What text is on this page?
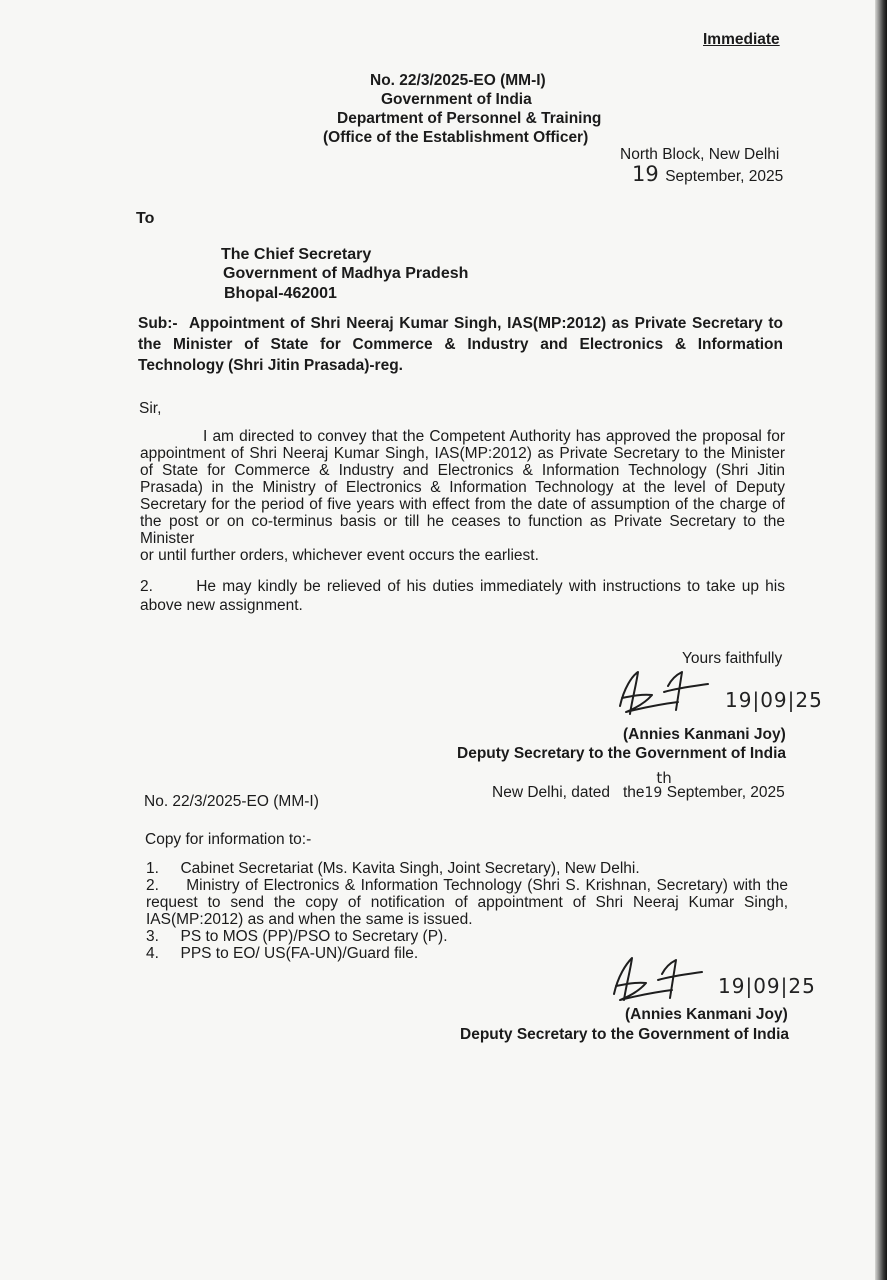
Immediate
No. 22/3/2025-EO (MM-I)
Government of India
Department of Personnel & Training
(Office of the Establishment Officer)
North Block, New Delhi
19 September, 2025
To
The Chief Secretary
Government of Madhya Pradesh
Bhopal-462001
Sub:- Appointment of Shri Neeraj Kumar Singh, IAS(MP:2012) as Private Secretary to
the Minister of State for Commerce & Industry and Electronics & Information
Technology (Shri Jitin Prasada)-reg.
Sir,
I am directed to convey that the Competent Authority has approved the proposal for
appointment of Shri Neeraj Kumar Singh, IAS(MP:2012) as Private Secretary to the Minister
of State for Commerce & Industry and Electronics & Information Technology (Shri Jitin
Prasada) in the Ministry of Electronics & Information Technology at the level of Deputy
Secretary for the period of five years with effect from the date of assumption of the charge of
the post or on co-terminus basis or till he ceases to function as Private Secretary to the Minister
or until further orders, whichever event occurs the earliest.
2.	He may kindly be relieved of his duties immediately with instructions to take up his
above new assignment.
Yours faithfully
19|09|25
(Annies Kanmani Joy)
Deputy Secretary to the Government of India
No. 22/3/2025-EO (MM-I)
New Delhi, dated   the19thSeptember, 2025
Copy for information to:-
1. Cabinet Secretariat (Ms. Kavita Singh, Joint Secretary), New Delhi.
2. Ministry of Electronics & Information Technology (Shri S. Krishnan, Secretary) with the
request to send the copy of notification of appointment of Shri Neeraj Kumar Singh,
IAS(MP:2012) as and when the same is issued.
3. PS to MOS (PP)/PSO to Secretary (P).
4. PPS to EO/ US(FA-UN)/Guard file.
19|09|25
(Annies Kanmani Joy)
Deputy Secretary to the Government of India
